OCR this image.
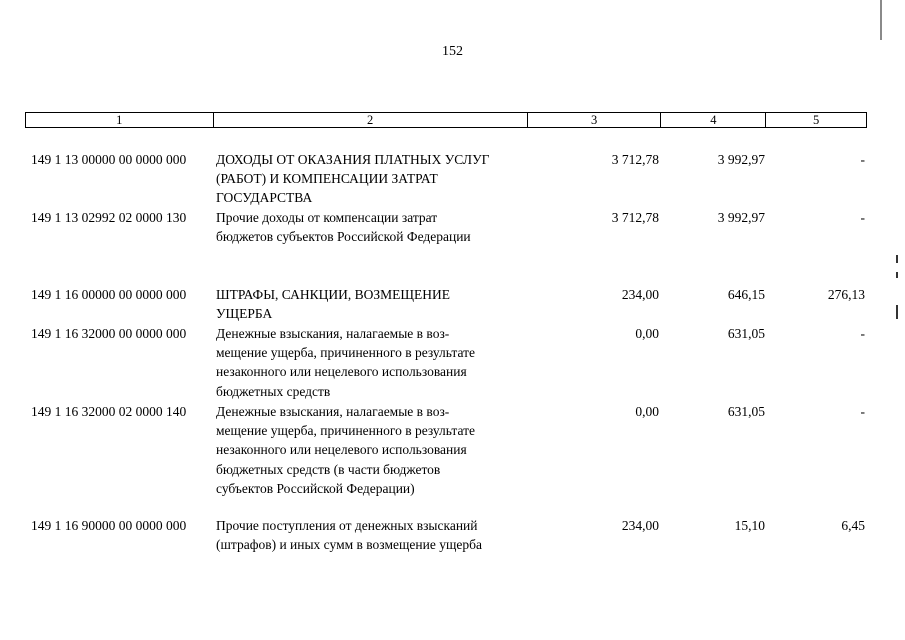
152
1	2	3	4	5
149 1 13 00000 00 0000 000 ДОХОДЫ ОТ ОКАЗАНИЯ ПЛАТНЫХ УСЛУГ
(РАБОТ) И КОМПЕНСАЦИИ ЗАТРАТ
ГОСУДАРСТВА
3 712,78	3 992,97	-
149 1 13 02992 02 0000 130 Прочие доходы от компенсации затрат
бюджетов субъектов Российской Федерации
3 712,78	3 992,97	-
149 1 16 00000 00 0000 000 ШТРАФЫ, САНКЦИИ, ВОЗМЕЩЕНИЕ
УЩЕРБА
234,00	646,15	276,13
149 1 16 32000 00 0000 000 Денежные взыскания, налагаемые в воз-
мещение ущерба, причиненного в результате
незаконного или нецелевого использования
бюджетных средств
0,00	631,05	-
149 1 16 32000 02 0000 140 Денежные взыскания, налагаемые в воз-
мещение ущерба, причиненного в результате
незаконного или нецелевого использования
бюджетных средств (в части бюджетов
субъектов Российской Федерации)
0,00	631,05	-
149 1 16 90000 00 0000 000 Прочие поступления от денежных взысканий
(штрафов) и иных сумм в возмещение ущерба
234,00	15,10	6,45
